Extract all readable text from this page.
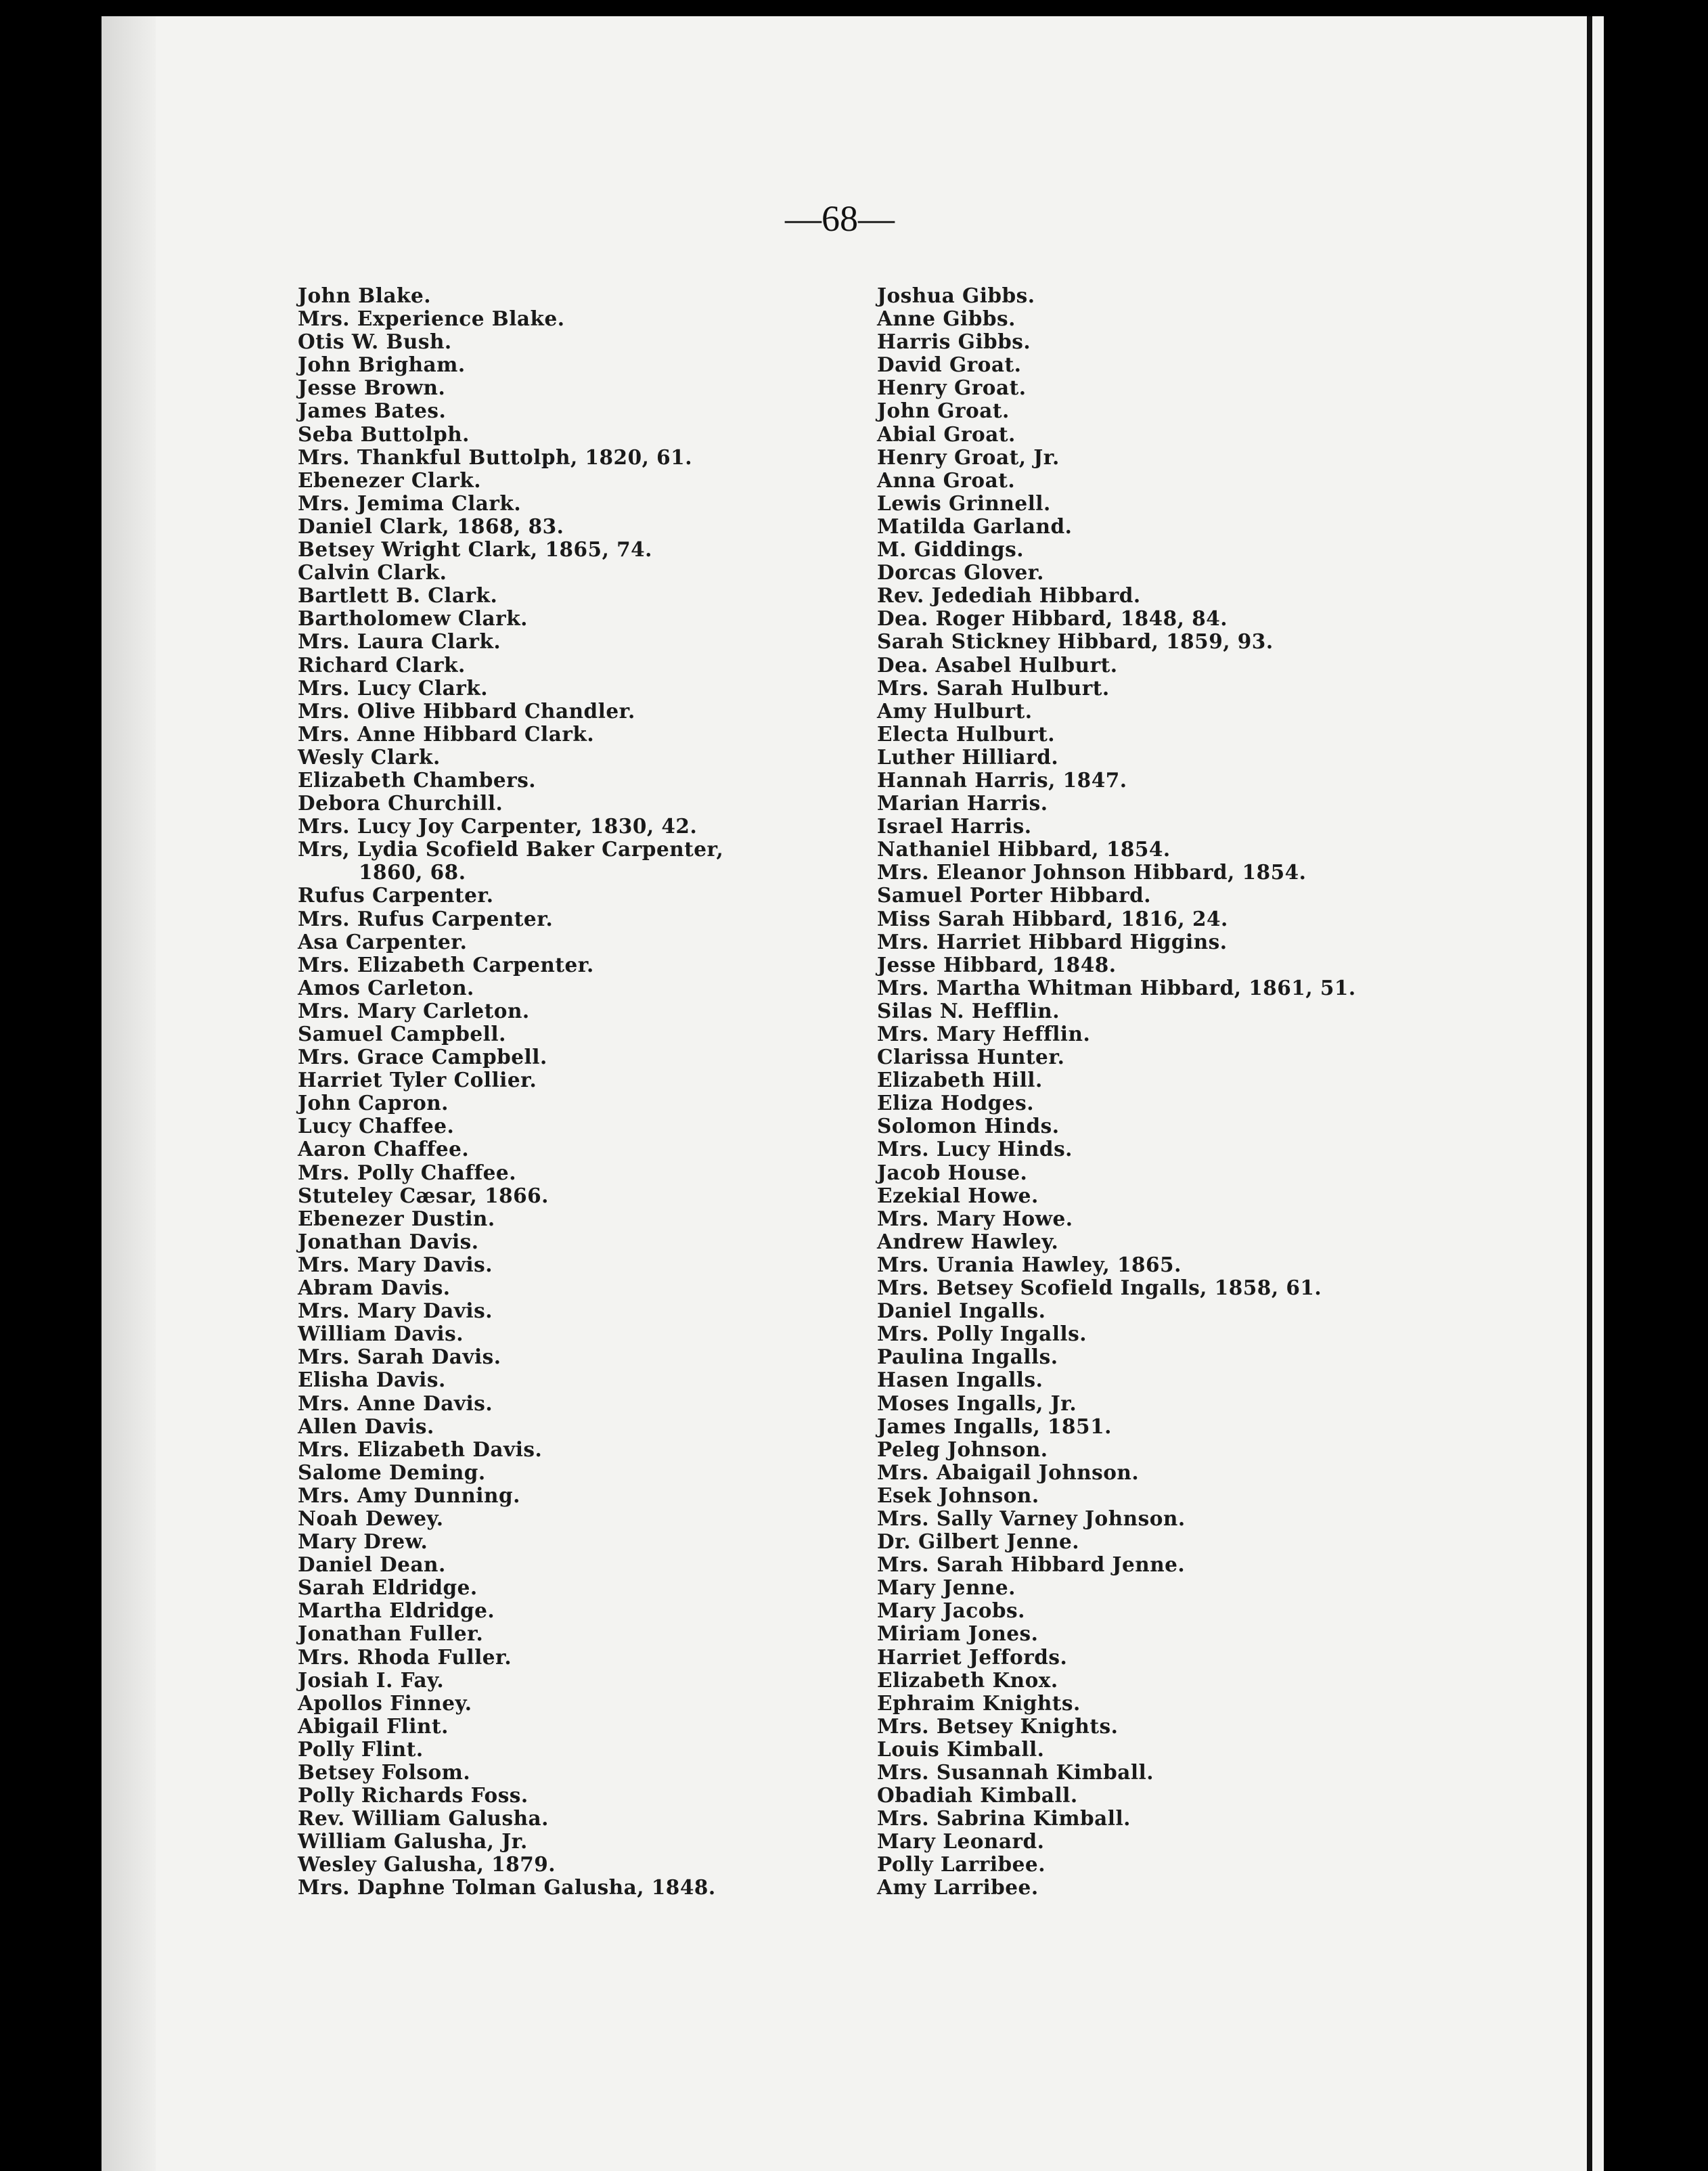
—68—
John Blake.
Mrs. Experience Blake.
Otis W. Bush.
John Brigham.
Jesse Brown.
James Bates.
Seba Buttolph.
Mrs. Thankful Buttolph, 1820, 61.
Ebenezer Clark.
Mrs. Jemima Clark.
Daniel Clark, 1868, 83.
Betsey Wright Clark, 1865, 74.
Calvin Clark.
Bartlett B. Clark.
Bartholomew Clark.
Mrs. Laura Clark.
Richard Clark.
Mrs. Lucy Clark.
Mrs. Olive Hibbard Chandler.
Mrs. Anne Hibbard Clark.
Wesly Clark.
Elizabeth Chambers.
Debora Churchill.
Mrs. Lucy Joy Carpenter, 1830, 42.
Mrs, Lydia Scofield Baker Carpenter,
1860, 68.
Rufus Carpenter.
Mrs. Rufus Carpenter.
Asa Carpenter.
Mrs. Elizabeth Carpenter.
Amos Carleton.
Mrs. Mary Carleton.
Samuel Campbell.
Mrs. Grace Campbell.
Harriet Tyler Collier.
John Capron.
Lucy Chaffee.
Aaron Chaffee.
Mrs. Polly Chaffee.
Stuteley Cæsar, 1866.
Ebenezer Dustin.
Jonathan Davis.
Mrs. Mary Davis.
Abram Davis.
Mrs. Mary Davis.
William Davis.
Mrs. Sarah Davis.
Elisha Davis.
Mrs. Anne Davis.
Allen Davis.
Mrs. Elizabeth Davis.
Salome Deming.
Mrs. Amy Dunning.
Noah Dewey.
Mary Drew.
Daniel Dean.
Sarah Eldridge.
Martha Eldridge.
Jonathan Fuller.
Mrs. Rhoda Fuller.
Josiah I. Fay.
Apollos Finney.
Abigail Flint.
Polly Flint.
Betsey Folsom.
Polly Richards Foss.
Rev. William Galusha.
William Galusha, Jr.
Wesley Galusha, 1879.
Mrs. Daphne Tolman Galusha, 1848.
Joshua Gibbs.
Anne Gibbs.
Harris Gibbs.
David Groat.
Henry Groat.
John Groat.
Abial Groat.
Henry Groat, Jr.
Anna Groat.
Lewis Grinnell.
Matilda Garland.
M. Giddings.
Dorcas Glover.
Rev. Jedediah Hibbard.
Dea. Roger Hibbard, 1848, 84.
Sarah Stickney Hibbard, 1859, 93.
Dea. Asabel Hulburt.
Mrs. Sarah Hulburt.
Amy Hulburt.
Electa Hulburt.
Luther Hilliard.
Hannah Harris, 1847.
Marian Harris.
Israel Harris.
Nathaniel Hibbard, 1854.
Mrs. Eleanor Johnson Hibbard, 1854.
Samuel Porter Hibbard.
Miss Sarah Hibbard, 1816, 24.
Mrs. Harriet Hibbard Higgins.
Jesse Hibbard, 1848.
Mrs. Martha Whitman Hibbard, 1861, 51.
Silas N. Hefflin.
Mrs. Mary Hefflin.
Clarissa Hunter.
Elizabeth Hill.
Eliza Hodges.
Solomon Hinds.
Mrs. Lucy Hinds.
Jacob House.
Ezekial Howe.
Mrs. Mary Howe.
Andrew Hawley.
Mrs. Urania Hawley, 1865.
Mrs. Betsey Scofield Ingalls, 1858, 61.
Daniel Ingalls.
Mrs. Polly Ingalls.
Paulina Ingalls.
Hasen Ingalls.
Moses Ingalls, Jr.
James Ingalls, 1851.
Peleg Johnson.
Mrs. Abaigail Johnson.
Esek Johnson.
Mrs. Sally Varney Johnson.
Dr. Gilbert Jenne.
Mrs. Sarah Hibbard Jenne.
Mary Jenne.
Mary Jacobs.
Miriam Jones.
Harriet Jeffords.
Elizabeth Knox.
Ephraim Knights.
Mrs. Betsey Knights.
Louis Kimball.
Mrs. Susannah Kimball.
Obadiah Kimball.
Mrs. Sabrina Kimball.
Mary Leonard.
Polly Larribee.
Amy Larribee.
